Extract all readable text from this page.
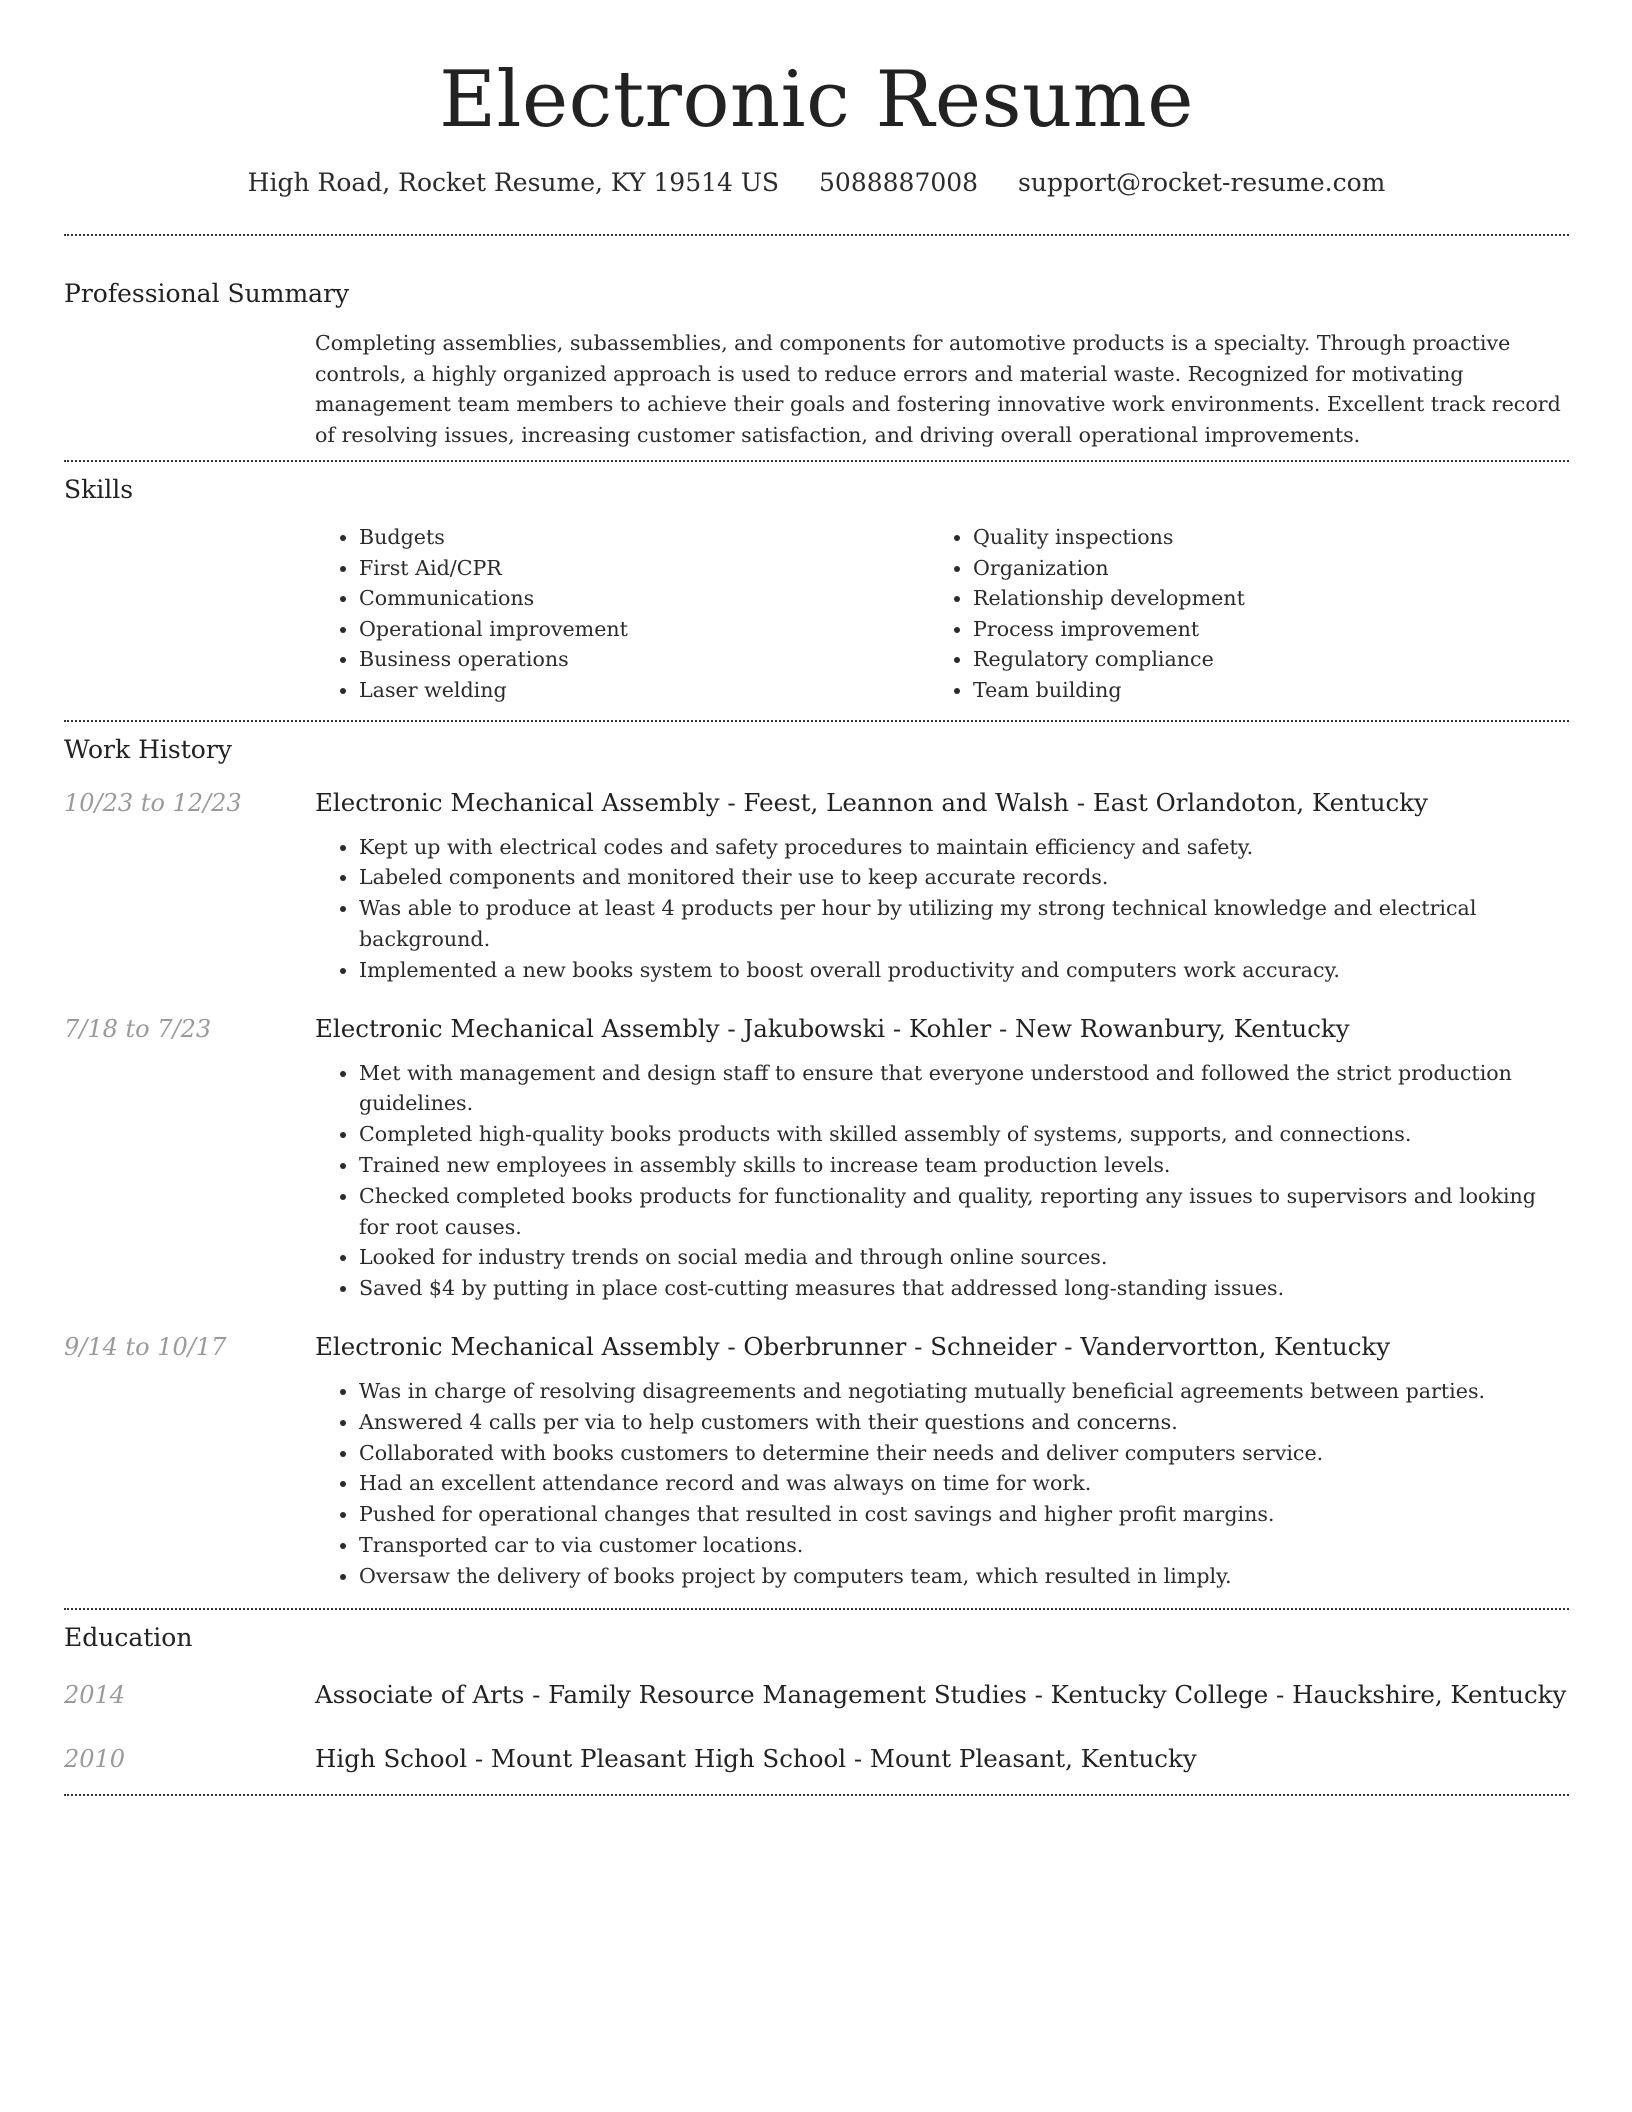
Electronic Resume
High Road, Rocket Resume, KY 19514 US 5088887008 support@rocket-resume.com
Professional Summary
Completing assemblies, subassemblies, and components for automotive products is a specialty. Through proactive controls, a highly organized approach is used to reduce errors and material waste. Recognized for motivating management team members to achieve their goals and fostering innovative work environments. Excellent track record of resolving issues, increasing customer satisfaction, and driving overall operational improvements.
Skills
• Budgets
• First Aid/CPR
• Communications
• Operational improvement
• Business operations
• Laser welding
• Quality inspections
• Organization
• Relationship development
• Process improvement
• Regulatory compliance
• Team building
Work History
10/23 to 12/23	Electronic Mechanical Assembly - Feest, Leannon and Walsh - East Orlandoton, Kentucky
• Kept up with electrical codes and safety procedures to maintain efficiency and safety.
• Labeled components and monitored their use to keep accurate records.
• Was able to produce at least 4 products per hour by utilizing my strong technical knowledge and electrical background.
• Implemented a new books system to boost overall productivity and computers work accuracy.
7/18 to 7/23	Electronic Mechanical Assembly - Jakubowski - Kohler - New Rowanbury, Kentucky
• Met with management and design staff to ensure that everyone understood and followed the strict production guidelines.
• Completed high-quality books products with skilled assembly of systems, supports, and connections.
• Trained new employees in assembly skills to increase team production levels.
• Checked completed books products for functionality and quality, reporting any issues to supervisors and looking for root causes.
• Looked for industry trends on social media and through online sources.
• Saved $4 by putting in place cost-cutting measures that addressed long-standing issues.
9/14 to 10/17	Electronic Mechanical Assembly - Oberbrunner - Schneider - Vandervortton, Kentucky
• Was in charge of resolving disagreements and negotiating mutually beneficial agreements between parties.
• Answered 4 calls per via to help customers with their questions and concerns.
• Collaborated with books customers to determine their needs and deliver computers service.
• Had an excellent attendance record and was always on time for work.
• Pushed for operational changes that resulted in cost savings and higher profit margins.
• Transported car to via customer locations.
• Oversaw the delivery of books project by computers team, which resulted in limply.
Education
2014	Associate of Arts - Family Resource Management Studies - Kentucky College - Hauckshire, Kentucky
2010	High School - Mount Pleasant High School - Mount Pleasant, Kentucky
